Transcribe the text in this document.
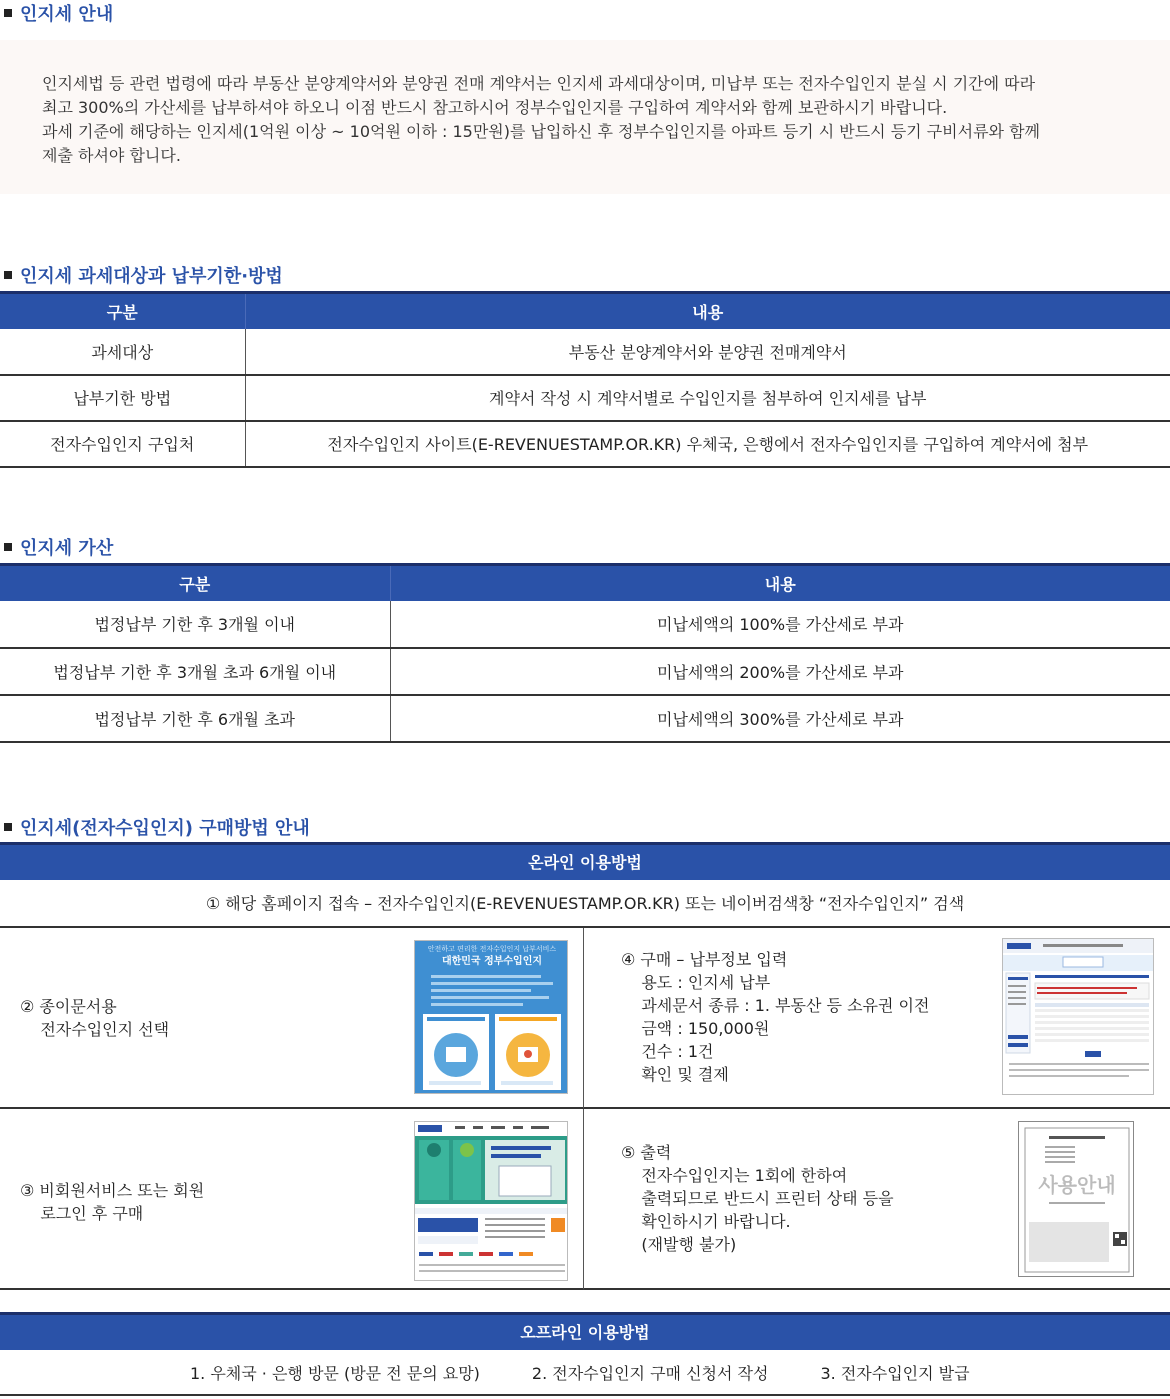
인지세 안내

인지세법 등 관련 법령에 따라 부동산 분양계약서와 분양권 전매 계약서는 인지세 과세대상이며, 미납부 또는 전자수입인지 분실 시 기간에 따라

최고 300%의 가산세를 납부하셔야 하오니 이점 반드시 참고하시어 정부수입인지를 구입하여 계약서와 함께 보관하시기 바랍니다.

과세 기준에 해당하는 인지세(1억원 이상 ~ 10억원 이하 : 15만원)를 납입하신 후 정부수입인지를 아파트 등기 시 반드시 등기 구비서류와 함께

제출 하셔야 합니다.

인지세 과세대상과 납부기한·방법
구분	내용
과세대상	부동산 분양계약서와 분양권 전매계약서
납부기한 방법	계약서 작성 시 계약서별로 수입인지를 첨부하여 인지세를 납부
전자수입인지 구입처	전자수입인지 사이트(E-REVENUESTAMP.OR.KR) 우체국, 은행에서 전자수입인지를 구입하여 계약서에 첨부
인지세 가산
구분	내용
법정납부 기한 후 3개월 이내	미납세액의 100%를 가산세로 부과
법정납부 기한 후 3개월 초과 6개월 이내	미납세액의 200%를 가산세로 부과
법정납부 기한 후 6개월 초과	미납세액의 300%를 가산세로 부과
인지세(전자수입인지) 구매방법 안내
온라인 이용방법
① 해당 홈페이지 접속 – 전자수입인지(E-REVENUESTAMP.OR.KR) 또는 네이버검색창 “전자수입인지” 검색
② 종이문서용
전자수입인지 선택
안전하고 편리한 전자수입인지 납부서비스
대한민국 정부수입인지	④ 구매 – 납부정보 입력
용도 : 인지세 납부
과세문서 종류 : 1. 부동산 등 소유권 이전
금액 : 150,000원
건수 : 1건
확인 및 결제
③ 비회원서비스 또는 회원
로그인 후 구매
⑤ 출력
전자수입인지는 1회에 한하여
출력되므로 반드시 프린터 상태 등을
확인하시기 바랍니다.
(재발행 불가)
사용안내
오프라인 이용방법
1. 우체국 · 은행 방문 (방문 전 문의 요망)	2. 전자수입인지 구매 신청서 작성	3. 전자수입인지 발급
